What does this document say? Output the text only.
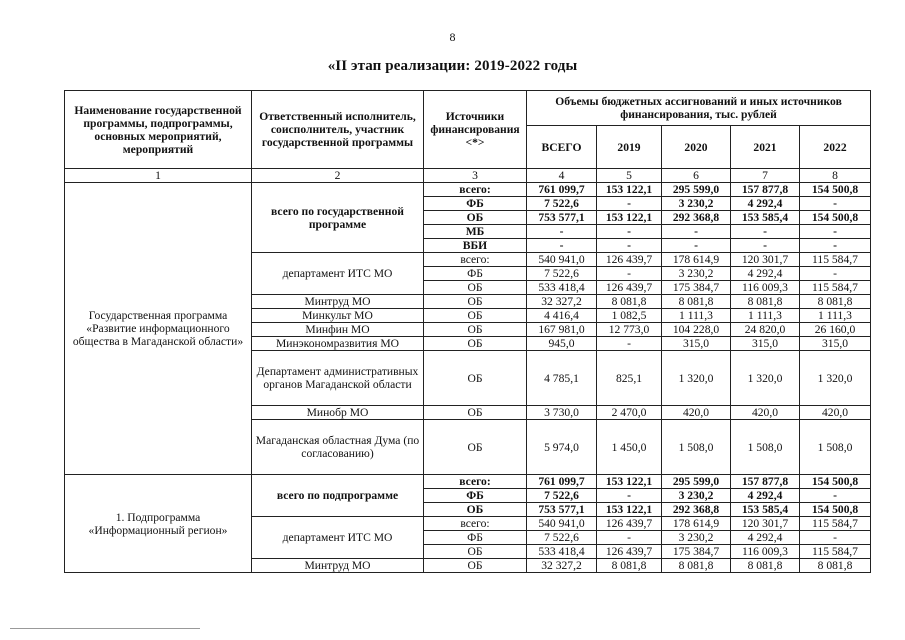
8
«II этап реализации: 2019-2022 годы
Наименование государственной программы, подпрограммы, основных мероприятий, мероприятий	Ответственный исполнитель, соисполнитель, участник государственной программы	Источники финансирования <*>	Объемы бюджетных ассигнований и иных источников финансирования, тыс. рублей				
			ВСЕГО	2019	2020	2021	2022
1	2	3	4	5	6	7	8
Государственная программа «Развитие информационного общества в Магаданской области»	всего по государственной программе	всего:	761 099,7	153 122,1	295 599,0	157 877,8	154 500,8
		ФБ	7 522,6	-	3 230,2	4 292,4	-
		ОБ	753 577,1	153 122,1	292 368,8	153 585,4	154 500,8
		МБ	-	-	-	-	-
		ВБИ	-	-	-	-	-
	департамент ИТС МО	всего:	540 941,0	126 439,7	178 614,9	120 301,7	115 584,7
		ФБ	7 522,6	-	3 230,2	4 292,4	-
		ОБ	533 418,4	126 439,7	175 384,7	116 009,3	115 584,7
	Минтруд МО	ОБ	32 327,2	8 081,8	8 081,8	8 081,8	8 081,8
	Минкульт МО	ОБ	4 416,4	1 082,5	1 111,3	1 111,3	1 111,3
	Минфин МО	ОБ	167 981,0	12 773,0	104 228,0	24 820,0	26 160,0
	Минэкономразвития МО	ОБ	945,0	-	315,0	315,0	315,0
	Департамент административных органов Магаданской области	ОБ	4 785,1	825,1	1 320,0	1 320,0	1 320,0
	Минобр МО	ОБ	3 730,0	2 470,0	420,0	420,0	420,0
	Магаданская областная Дума (по согласованию)	ОБ	5 974,0	1 450,0	1 508,0	1 508,0	1 508,0
1. Подпрограмма «Информационный регион»	всего по подпрограмме	всего:	761 099,7	153 122,1	295 599,0	157 877,8	154 500,8
		ФБ	7 522,6	-	3 230,2	4 292,4	-
		ОБ	753 577,1	153 122,1	292 368,8	153 585,4	154 500,8
	департамент ИТС МО	всего:	540 941,0	126 439,7	178 614,9	120 301,7	115 584,7
		ФБ	7 522,6	-	3 230,2	4 292,4	-
		ОБ	533 418,4	126 439,7	175 384,7	116 009,3	115 584,7
	Минтруд МО	ОБ	32 327,2	8 081,8	8 081,8	8 081,8	8 081,8
